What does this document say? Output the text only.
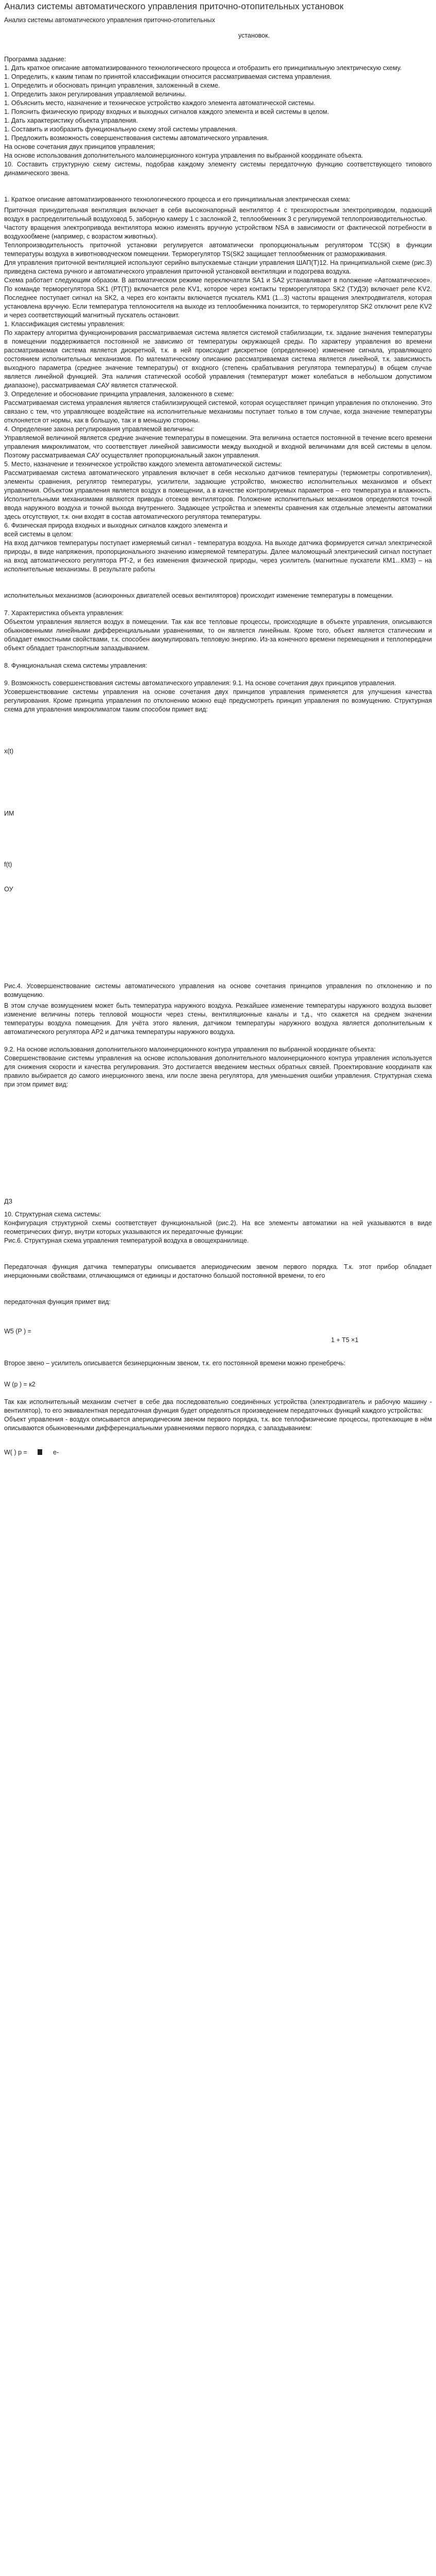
Анализ системы автоматического управления приточно-отопительных установок

Анализ системы автоматического управления приточно-отопительных

установок.

Программа задание:

1. Дать краткое описание автоматизированного технологического процесса и отобразить его принципиальную электрическую схему.

1. Определить, к каким типам по принятой классификации относится рассматриваемая система управления.

1. Определить и обосновать принцип управления, заложенный в схеме.

1. Определить закон регулирования управляемой величины.

1. Объяснить место, назначение и техническое устройство каждого элемента автоматической системы.

1. Пояснить физическую природу входных и выходных сигналов каждого элемента и всей системы в целом.

1. Дать характеристику объекта управления.

1. Составить и изобразить функциональную схему этой системы управления.

1. Предложить возможность совершенствования системы автоматического управления.

На основе сочетания двух принципов управления;

На основе использования дополнительного малоинерционного контура управления по выбранной координате объекта.

10. Составить структурную схему системы, подобрав каждому элементу системы передаточную функцию соответствующего типового динамического звена.

1. Краткое описание автоматизированного технологического процесса и его принципиальная электрическая схема:

Приточная принудительная вентиляция включает в себя высоконапорный вентилятор 4 с трехскоростным электроприводом, подающий воздух в распределительный воздуховод 5, заборную камеру 1 с заслонкой 2, теплообменник 3 с регулируемой теплопроизводительностью.

Частоту вращения электропривода вентилятора можно изменять вручную устройством NSA в зависимости от фактической потребности в воздухообмене (например, с возрастом животных).

Теплопроизводительность приточной установки регулируется автоматически пропорциональным регулятором ТС(SК) в функции температуры воздуха в животноводческом помещении. Терморегулятор ТS(SК2 защищает теплообменник от размораживания.

Для управления приточной вентиляцией используют серийно выпускаемые станции управления ШАП(Т)12. На принципиальной схеме (рис.3) приведена система ручного и автоматического управления приточной установкой вентиляции и подогрева воздуха.

Схема работает следующим образом. В автоматическом режиме переключатели SA1 и SA2 устанавливают в положение «Автоматическое». По команде терморегулятора SK1 (РТ(Т)) включается реле KV1, которое через контакты терморегулятора SK2 (ТУДЭ) включает реле KV2. Последнее поступает сигнал на SK2, а через его контакты включается пускатель KM1 (1...3) частоты вращения электродвигателя, которая установлена вручную. Если температура теплоносителя на выходе из теплообменника понизится, то терморегулятор SK2 отключит реле KV2 и через соответствующий магнитный пускатель остановит.

1. Классификация системы управления:

По характеру алгоритма функционирования рассматриваемая система является системой стабилизации, т.к. задание значения температуры в помещении поддерживается постоянной не зависимо от температуры окружающей среды. По характеру управления во времени рассматриваемая система является дискретной, т.к. в ней происходит дискретное (определенное) изменение сигнала, управляющего состоянием исполнительных механизмов. По математическому описанию рассматриваемая система является линейной, т.к. зависимость выходного параметра (среднее значение температуры) от входного (степень срабатывания регулятора температуры) в общем случае является линейной функцией. Эта наличия статической особой управления (температурт может колебаться в небольшом допустимом диапазоне), рассматриваемая САУ является статической.

3. Определение и обоснование принципа управления, заложенного в схеме:

Рассматриваемая система управления является стабилизирующей системой, которая осуществляет принцип управления по отклонению. Это связано с тем, что управляющее воздействие на исполнительные механизмы поступает только в том случае, когда значение температуры отклоняется от нормы, как в большую, так и в меньшую стороны.

4. Определение закона регулирования управляемой величины:

Управляемой величиной является средние значение температуры в помещении. Эта величина остается постоянной в течение всего времени управления микроклиматом, что соответствует линейной зависимости между выходной и входной величинами для всей системы в целом. Поэтому рассматриваемая САУ осуществляет пропорциональный закон управления.

5. Место, назначение и техническое устройство каждого элемента автоматической системы:

Рассматриваемая система автоматического управления включает в себя несколько датчиков температуры (термометры сопротивления), элементы сравнения, регулятор температуры, усилители, задающие устройство, множество исполнительных механизмов и объект управления. Объектом управления является воздух в помещении, а в качестве контролируемых параметров – его температура и влажность. Исполнительными механизмами являются приводы отсеков вентиляторов. Положение исполнительных механизмов определяются точной ввода наружного воздуха и точной выхода внутреннего. Задающее устройства и элементы сравнения как отдельные элементы автоматики здесь отсутствуют, т.к. они входят в состав автоматического регулятора температуры.

6. Физическая природа входных и выходных сигналов каждого элемента и

всей системы в целом:

На вход датчиков температуры поступает измеряемый сигнал - температура воздуха. На выходе датчика формируется сигнал электрической природы, в виде напряжения, пропорционального значению измеряемой температуры. Далее маломощный электрический сигнал поступает на вход автоматического регулятора РТ-2, и без изменения физической природы, через усилитель (магнитные пускатели КМ1...КМ3) – на исполнительные механизмы. В результате работы

исполнительных механизмов (асинхронных двигателей осевых вентиляторов) происходит изменение температуры в помещении.

7. Характеристика объекта управления:

Объектом управления является воздух в помещении. Так как все тепловые процессы, происходящие в объекте управления, описываются обыкновенными линейными дифференциальными уравнениями, то он является линейным. Кроме того, объект является статическим и обладает емкостными свойствами, т.к. способен аккумулировать тепловую энергию. Из-за конечного времени перемещения и теплопередачи объект обладает транспортным запаздыванием.

8. Функциональная схема системы управления:

9. Возможность совершенствования системы автоматического управления: 9.1. На основе сочетания двух принципов управления.

Усовершенствование системы управления на основе сочетания двух принципов управления применяется для улучшения качества регулирования. Кроме принципа управления по отклонению можно ещё предусмотреть принцип управления по возмущению. Структурная схема для управления микроклиматом таким способом примет вид:

х(t)
ИМ
f(t)
ОУ

Рис.4. Усовершенствование системы автоматического управления на основе сочетания принципов управления по отклонению и по возмущению.

В этом случае возмущением может быть температура наружного воздуха. Резкайшее изменение температуры наружного воздуха вызовет изменение величины потерь тепловой мощности через стены, вентиляционные каналы и т.д., что скажется на среднем значении температуры воздуха помещения. Для учёта этого явления, датчиком температуры наружного воздуха является дополнительным к автоматического регулятора АР2 и датчика температуры наружного воздуха.

9.2. На основе использования дополнительного малоинерционного контура управления по выбранной координате объекта:

Совершенствование системы управления на основе использования дополнительного малоинерционного контура управления используется для снижения скорости и качества регулирования. Это достигается введением местных обратных связей. Проектирование координатв как правило выбирается до самого инерционного звена, или после звена регулятора, для уменьшения ошибки управления. Структурная схема при этом примет вид:

ДЗ

10. Структурная схема системы:

Конфигурация структурной схемы соответствует функциональной (рис.2). На все элементы автоматики на ней указываются в виде геометрических фигур, внутри которых указываются их передаточные функции:

Рис.6. Структурная схема управления температурой воздуха в овощехранилище.

Передаточная функция датчика температуры описывается апериодическим звеном первого порядка. Т.к. этот прибор обладает инерционными свойствами, отличающимся от единицы и достаточно большой постоянной времени, то его

передаточная функция примет вид:

W5 (P ) =
1 + T5 ×1

Второе звено – усилитель описывается безинерционным звеном, т.к. его постоянной времени можно пренебречь:

W (p ) = к2

Так как исполнительный механизм счетчет в себе два последовательно соединённых устройства (электродвигатель и рабочую машину - вентилятор), то его эквивалентная передаточная функция будет определяться произведением передаточных функций каждого устройства:

Объект управления - воздух описывается апериодическим звеном первого порядка, т.к. все теплофизические процессы, протекающие в нём описываются обыкновенными дифференциальными уравнениями первого порядка, с запаздыванием:

W( ) p =	е-
